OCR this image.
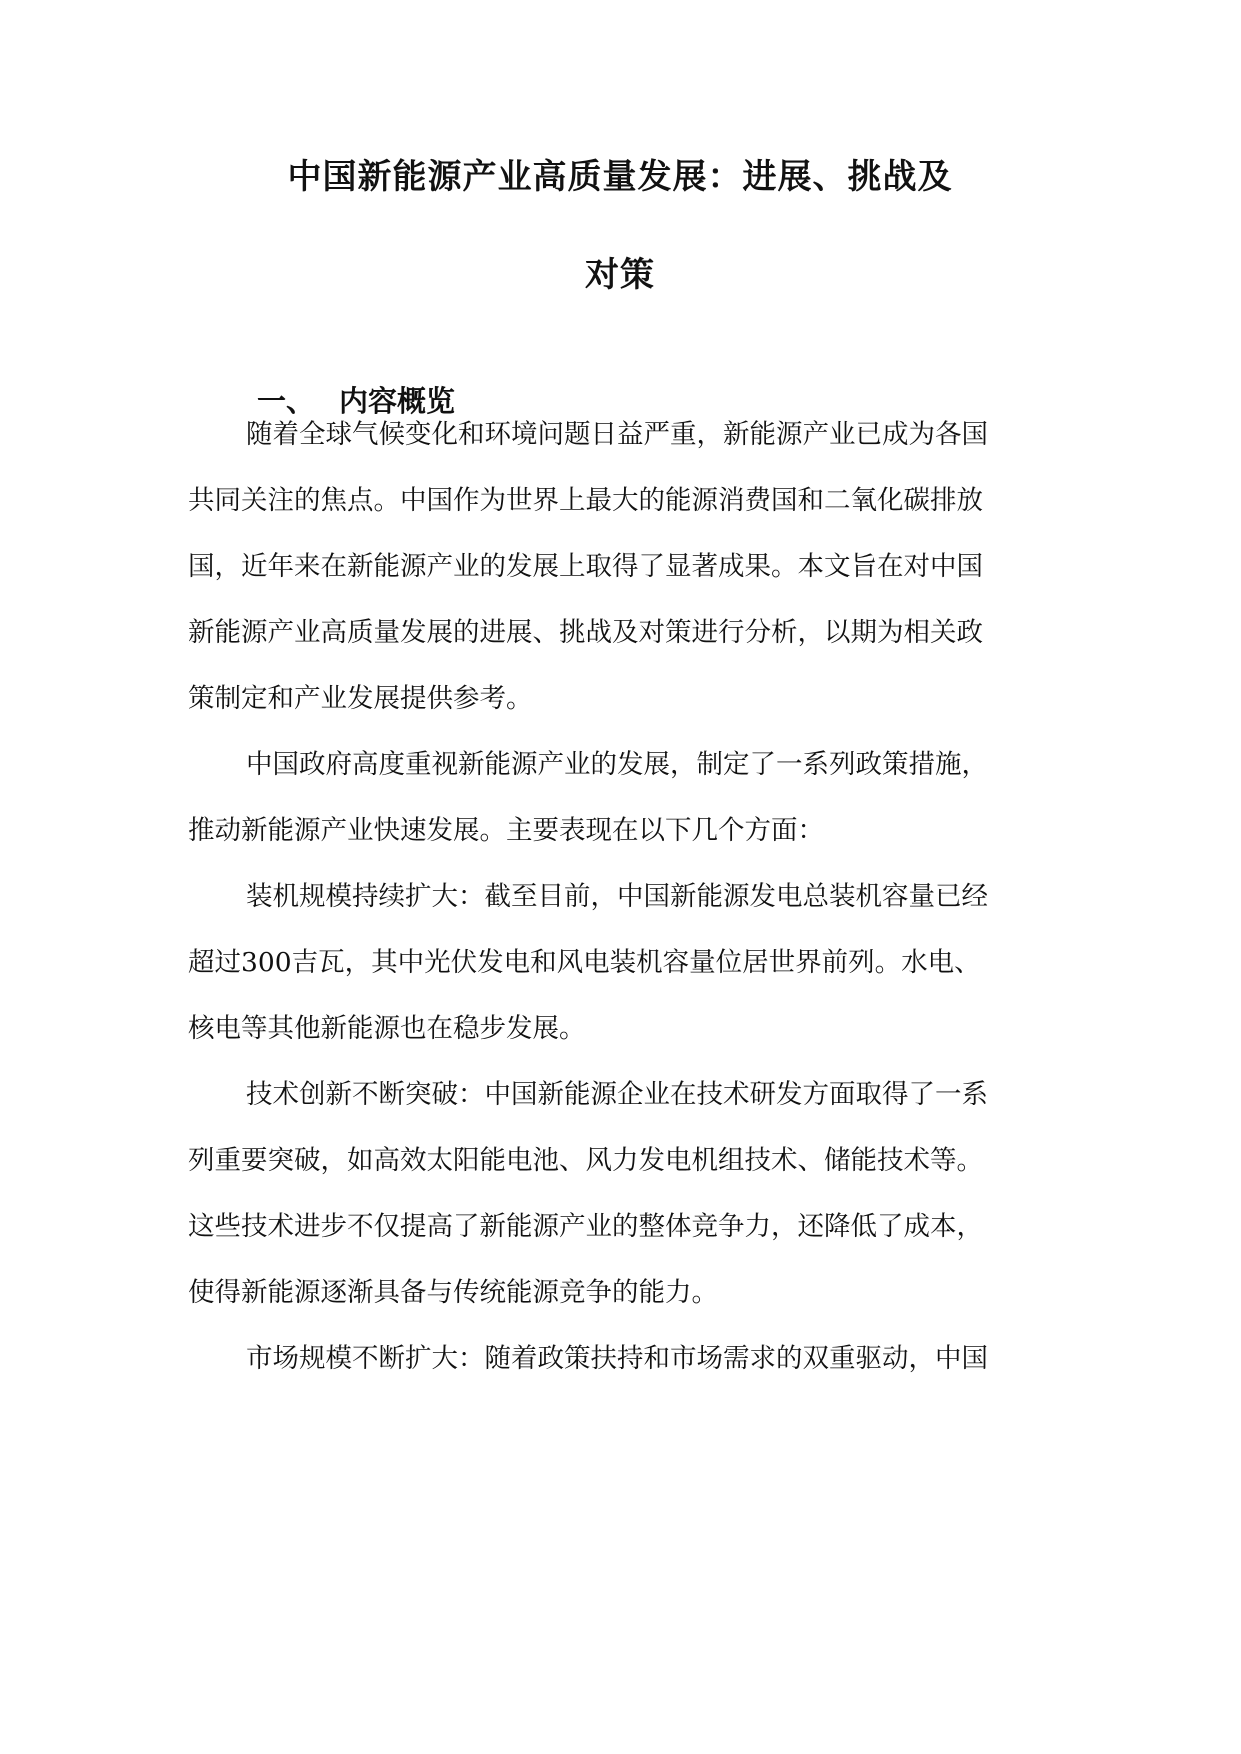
中国新能源产业高质量发展：进展、挑战及
对策
一、 内容概览

随着全球气候变化和环境问题日益严重，新能源产业已成为各国

共同关注的焦点。中国作为世界上最大的能源消费国和二氧化碳排放

国，近年来在新能源产业的发展上取得了显著成果。本文旨在对中国

新能源产业高质量发展的进展、挑战及对策进行分析，以期为相关政

策制定和产业发展提供参考。

中国政府高度重视新能源产业的发展，制定了一系列政策措施，

推动新能源产业快速发展。主要表现在以下几个方面：

装机规模持续扩大：截至目前，中国新能源发电总装机容量已经

超过300吉瓦，其中光伏发电和风电装机容量位居世界前列。水电、

核电等其他新能源也在稳步发展。

技术创新不断突破：中国新能源企业在技术研发方面取得了一系

列重要突破，如高效太阳能电池、风力发电机组技术、储能技术等。

这些技术进步不仅提高了新能源产业的整体竞争力，还降低了成本，

使得新能源逐渐具备与传统能源竞争的能力。

市场规模不断扩大：随着政策扶持和市场需求的双重驱动，中国
